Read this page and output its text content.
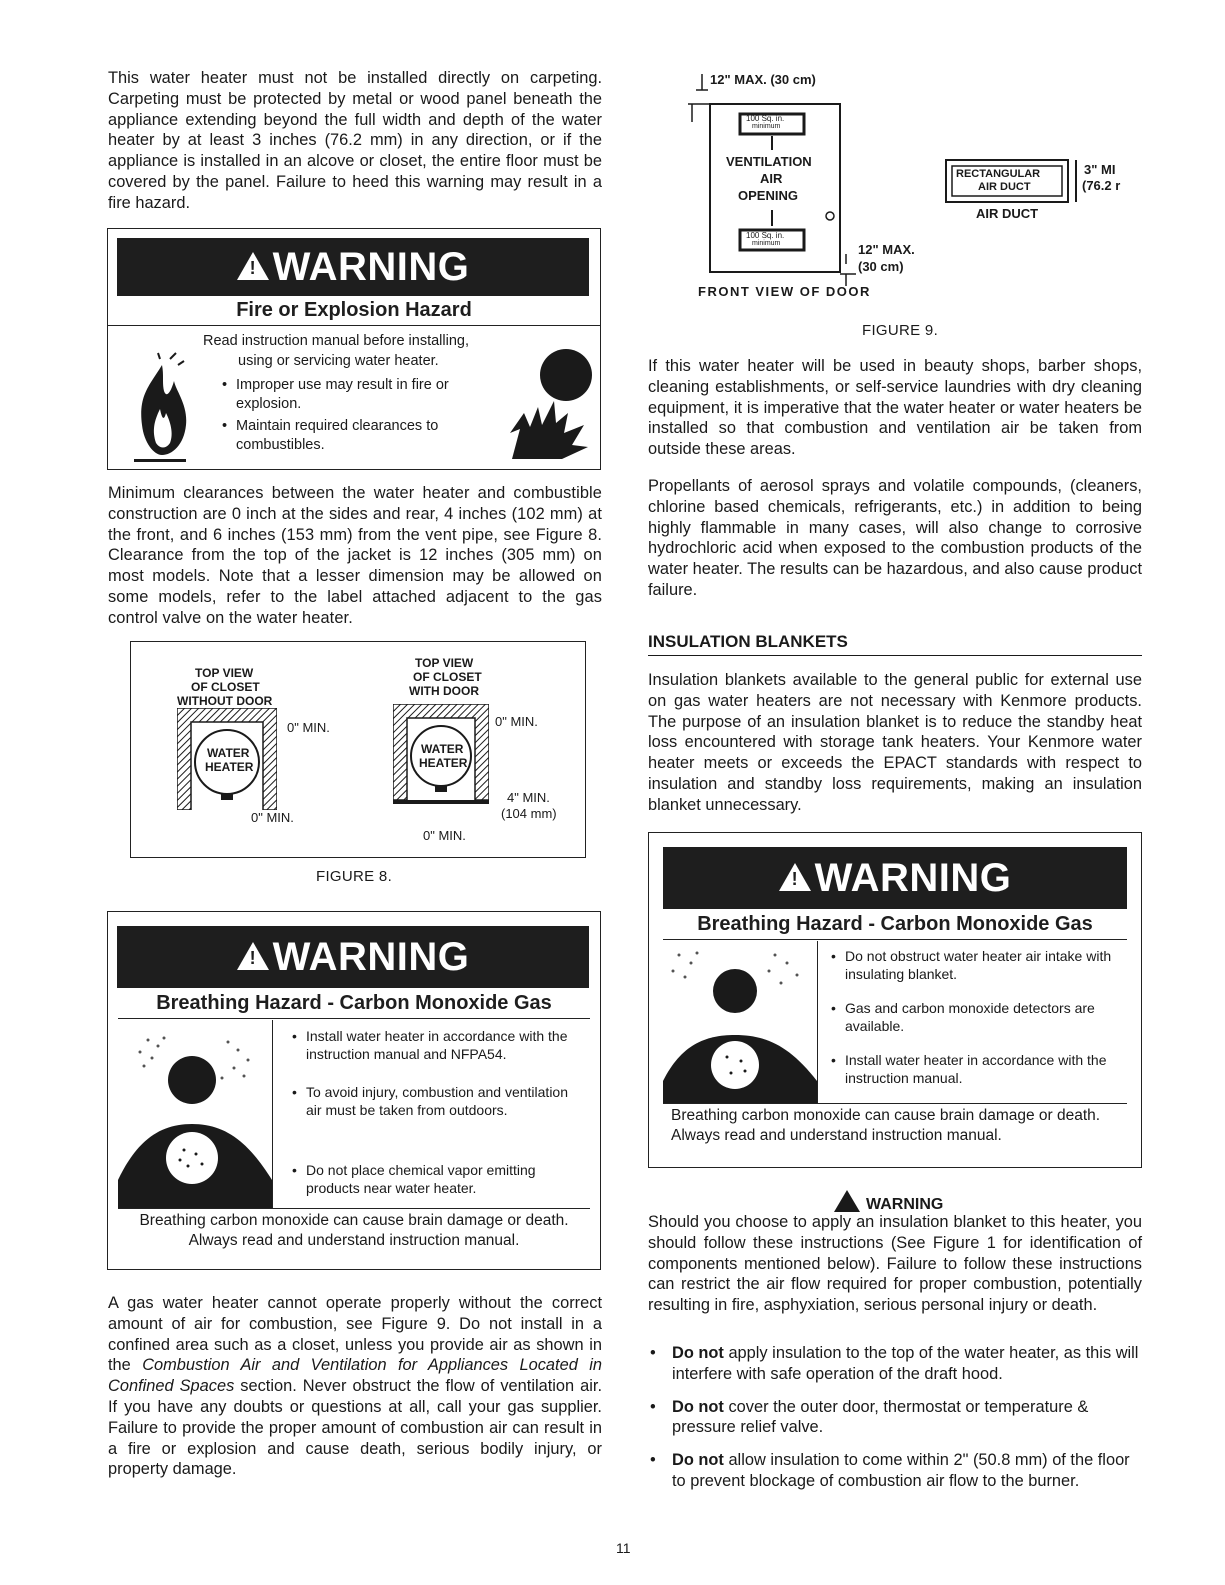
This water heater must not be installed directly on carpeting. Carpeting must be protected by metal or wood panel beneath the appliance extending beyond the full width and depth of the water heater by at least 3 inches (76.2 mm) in any direction, or if the appliance is installed in an alcove or closet, the entire floor must be covered by the panel. Failure to heed this warning may result in a fire hazard.

! WARNING
Fire or Explosion Hazard
Read instruction manual before installing,
using or servicing water heater.
• Improper use may result in fire or explosion.
• Maintain required clearances to combustibles.

Minimum clearances between the water heater and combustible construction are 0 inch at the sides and rear, 4 inches (102 mm) at the front, and 6 inches (153 mm) from the vent pipe, see Figure 8. Clearance from the top of the jacket is 12 inches (305 mm) on most models. Note that a lesser dimension may be allowed on some models, refer to the label attached adjacent to the gas control valve on the water heater.

TOP VIEW
OF CLOSET
WITHOUT DOOR
TOP VIEW
OF CLOSET
WITH DOOR
WATER
HEATER
0" MIN.
0" MIN.
WATER
HEATER
0" MIN.
4" MIN.
(104 mm)
0" MIN.
FIGURE 8.
! WARNING
Breathing Hazard - Carbon Monoxide Gas
• Install water heater in accordance with the instruction manual and NFPA54.
• To avoid injury, combustion and ventilation air must be taken from outdoors.
• Do not place chemical vapor emitting products near water heater.
Breathing carbon monoxide can cause brain damage or death. Always read and understand instruction manual.

A gas water heater cannot operate properly without the correct amount of air for combustion, see Figure 9. Do not install in a confined area such as a closet, unless you provide air as shown in the Combustion Air and Ventilation for Appliances Located in Confined Spaces section. Never obstruct the flow of ventilation air. If you have any doubts or questions at all, call your gas supplier. Failure to provide the proper amount of combustion air can result in a fire or explosion and cause death, serious bodily injury, or property damage.

12" MAX. (30 cm)
100 Sq. in.
minimum
VENTILATION
AIR
OPENING
100 Sq. in.
minimum	12" MAX.
(30 cm)
FRONT VIEW OF DOOR
RECTANGULAR
AIR DUCT
3" MI
(76.2 r
AIR DUCT
FIGURE 9.

If this water heater will be used in beauty shops, barber shops, cleaning establishments, or self-service laundries with dry cleaning equipment, it is imperative that the water heater or water heaters be installed so that combustion and ventilation air be taken from outside these areas.

Propellants of aerosol sprays and volatile compounds, (cleaners, chlorine based chemicals, refrigerants, etc.) in addition to being highly flammable in many cases, will also change to corrosive hydrochloric acid when exposed to the combustion products of the water heater. The results can be hazardous, and also cause product failure.

INSULATION BLANKETS

Insulation blankets available to the general public for external use on gas water heaters are not necessary with Kenmore products. The purpose of an insulation blanket is to reduce the standby heat loss encountered with storage tank heaters. Your Kenmore water heater meets or exceeds the EPACT standards with respect to insulation and standby loss requirements, making an insulation blanket unnecessary.

! WARNING
Breathing Hazard - Carbon Monoxide Gas
• Do not obstruct water heater air intake with insulating blanket.
• Gas and carbon monoxide detectors are available.
• Install water heater in accordance with the instruction manual.
Breathing carbon monoxide can cause brain damage or death. Always read and understand instruction manual.
WARNING

Should you choose to apply an insulation blanket to this heater, you should follow these instructions (See Figure 1 for identification of components mentioned below). Failure to follow these instructions can restrict the air flow required for proper combustion, potentially resulting in fire, asphyxiation, serious personal injury or death.

• Do not apply insulation to the top of the water heater, as this will interfere with safe operation of the draft hood.
• Do not cover the outer door, thermostat or temperature & pressure relief valve.
• Do not allow insulation to come within 2" (50.8 mm) of the floor to prevent blockage of combustion air flow to the burner.
11
